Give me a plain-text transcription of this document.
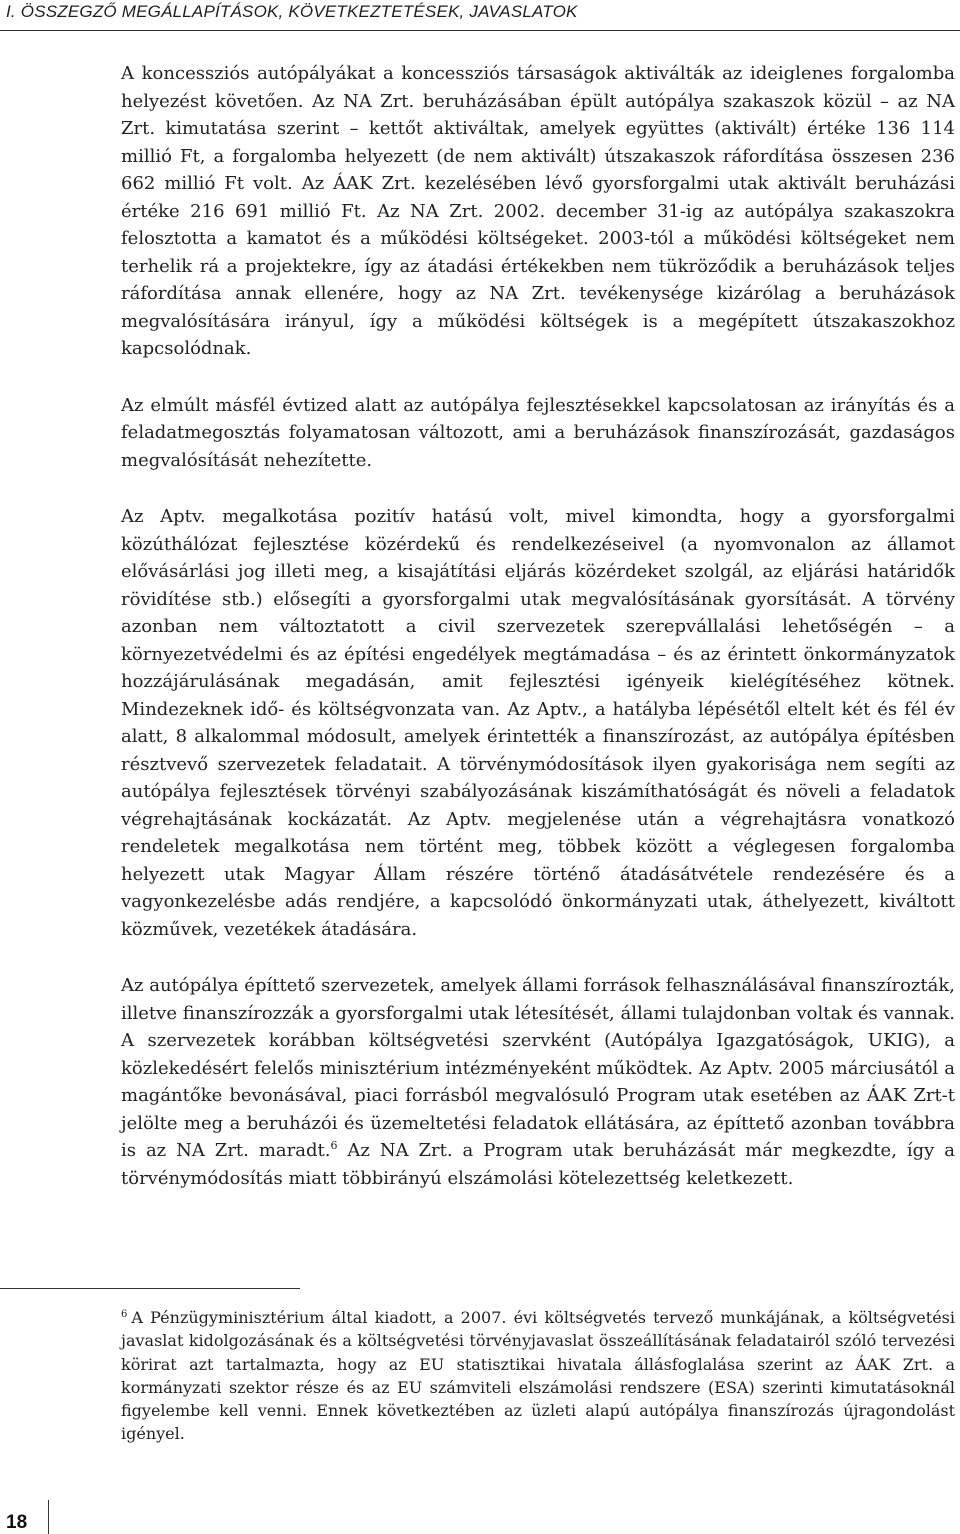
I. ÖSSZEGZŐ MEGÁLLAPÍTÁSOK, KÖVETKEZTETÉSEK, JAVASLATOK

A koncessziós autópályákat a koncessziós társaságok aktiválták az ideiglenes forgalomba helyezést követően. Az NA Zrt. beruházásában épült autópálya szakaszok közül – az NA Zrt. kimutatása szerint – kettőt aktiváltak, amelyek együttes (aktivált) értéke 136 114 millió Ft, a forgalomba helyezett (de nem aktivált) útszakaszok ráfordítása összesen 236 662 millió Ft volt. Az ÁAK Zrt. kezelésében lévő gyorsforgalmi utak aktivált beruházási értéke 216 691 millió Ft. Az NA Zrt. 2002. december 31-ig az autópálya szakaszokra felosztotta a kamatot és a működési költségeket. 2003-tól a működési költségeket nem terhelik rá a projektekre, így az átadási értékekben nem tükröződik a beruházások teljes ráfordítása annak ellenére, hogy az NA Zrt. tevékenysége kizárólag a beruházások megvalósítására irányul, így a működési költségek is a megépített útszakaszokhoz kapcsolódnak.

Az elmúlt másfél évtized alatt az autópálya fejlesztésekkel kapcsolatosan az irányítás és a feladatmegosztás folyamatosan változott, ami a beruházások finanszírozását, gazdaságos megvalósítását nehezítette.

Az Aptv. megalkotása pozitív hatású volt, mivel kimondta, hogy a gyorsforgalmi közúthálózat fejlesztése közérdekű és rendelkezéseivel (a nyomvonalon az államot elővásárlási jog illeti meg, a kisajátítási eljárás közérdeket szolgál, az eljárási határidők rövidítése stb.) elősegíti a gyorsforgalmi utak megvalósításának gyorsítását. A törvény azonban nem változtatott a civil szervezetek szerepvállalási lehetőségén – a környezetvédelmi és az építési engedélyek megtámadása – és az érintett önkormányzatok hozzájárulásának megadásán, amit fejlesztési igényeik kielégítéséhez kötnek. Mindezeknek idő- és költségvonzata van. Az Aptv., a hatályba lépésétől eltelt két és fél év alatt, 8 alkalommal módosult, amelyek érintették a finanszírozást, az autópálya építésben résztvevő szervezetek feladatait. A törvénymódosítások ilyen gyakorisága nem segíti az autópálya fejlesztések törvényi szabályozásának kiszámíthatóságát és növeli a feladatok végrehajtásának kockázatát. Az Aptv. megjelenése után a végrehajtásra vonatkozó rendeletek megalkotása nem történt meg, többek között a véglegesen forgalomba helyezett utak Magyar Állam részére történő átadásátvétele rendezésére és a vagyonkezelésbe adás rendjére, a kapcsolódó önkormányzati utak, áthelyezett, kiváltott közművek, vezetékek átadására.

Az autópálya építtető szervezetek, amelyek állami források felhasználásával finanszírozták, illetve finanszírozzák a gyorsforgalmi utak létesítését, állami tulajdonban voltak és vannak. A szervezetek korábban költségvetési szervként (Autópálya Igazgatóságok, UKIG), a közlekedésért felelős minisztérium intézményeként működtek. Az Aptv. 2005 márciusától a magántőke bevonásával, piaci forrásból megvalósuló Program utak esetében az ÁAK Zrt-t jelölte meg a beruházói és üzemeltetési feladatok ellátására, az építtető azonban továbbra is az NA Zrt. maradt.$^6$ Az NA Zrt. a Program utak beruházását már megkezdte, így a törvénymódosítás miatt többirányú elszámolási kötelezettség keletkezett.

$^6$ A Pénzügyminisztérium által kiadott, a 2007. évi költségvetés tervező munkájának, a költségvetési javaslat kidolgozásának és a költségvetési törvényjavaslat összeállításának feladatairól szóló tervezési körirat azt tartalmazta, hogy az EU statisztikai hivatala állásfoglalása szerint az ÁAK Zrt. a kormányzati szektor része és az EU számviteli elszámolási rendszere (ESA) szerinti kimutatásoknál figyelembe kell venni. Ennek következtében az üzleti alapú autópálya finanszírozás újragondolást igényel.

18
